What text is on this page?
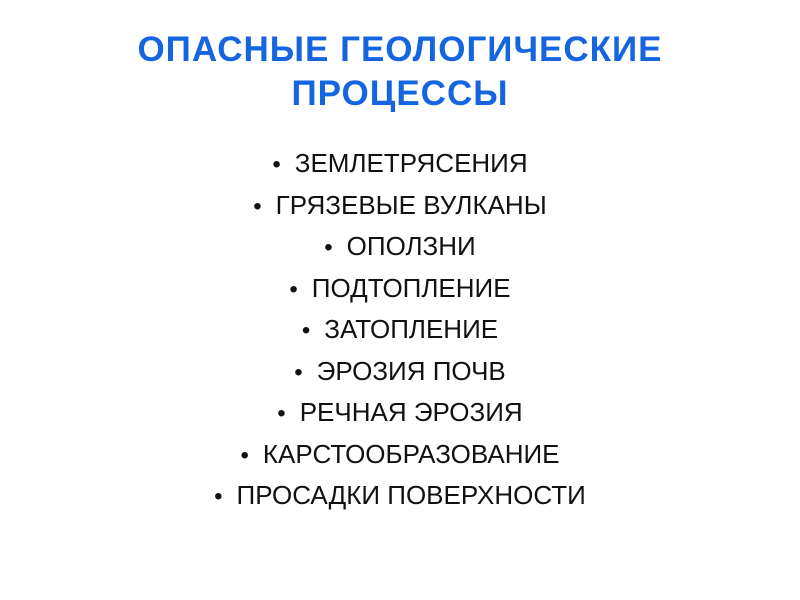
ОПАСНЫЕ ГЕОЛОГИЧЕСКИЕ
ПРОЦЕССЫ
• ЗЕМЛЕТРЯСЕНИЯ
• ГРЯЗЕВЫЕ ВУЛКАНЫ
• ОПОЛЗНИ
• ПОДТОПЛЕНИЕ
• ЗАТОПЛЕНИЕ
• ЭРОЗИЯ ПОЧВ
• РЕЧНАЯ ЭРОЗИЯ
• КАРСТООБРАЗОВАНИЕ
• ПРОСАДКИ ПОВЕРХНОСТИ
